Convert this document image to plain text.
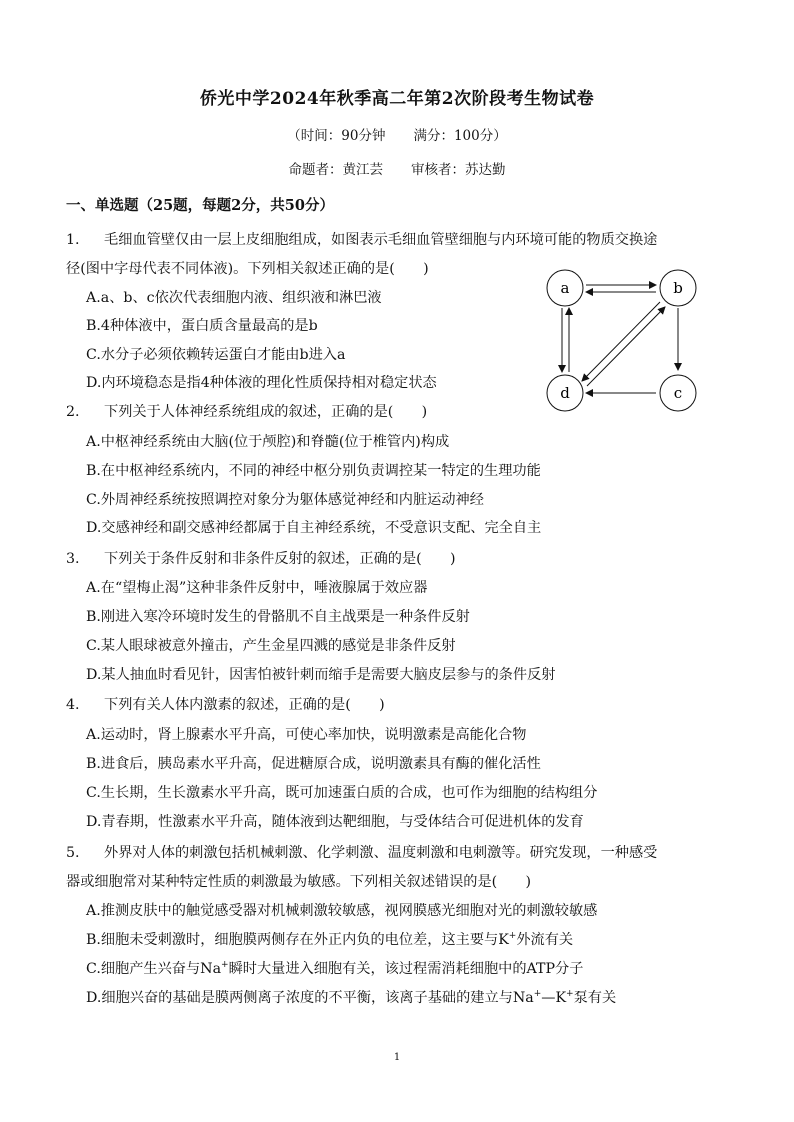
侨光中学2024年秋季高二年第2次阶段考生物试卷
（时间：90分钟 满分：100分）
命题者：黄江芸 审核者：苏达勤
一、单选题（25题，每题2分，共50分）
1. 毛细血管壁仅由一层上皮细胞组成，如图表示毛细血管壁细胞与内环境可能的物质交换途
径(图中字母代表不同体液)。下列相关叙述正确的是(　　)
A.a、b、c依次代表细胞内液、组织液和淋巴液
B.4种体液中，蛋白质含量最高的是b
C.水分子必须依赖转运蛋白才能由b进入a
D.内环境稳态是指4种体液的理化性质保持相对稳定状态
a	b
c
d
2. 下列关于人体神经系统组成的叙述，正确的是(　　)
A.中枢神经系统由大脑(位于颅腔)和脊髓(位于椎管内)构成
B.在中枢神经系统内，不同的神经中枢分别负责调控某一特定的生理功能
C.外周神经系统按照调控对象分为躯体感觉神经和内脏运动神经
D.交感神经和副交感神经都属于自主神经系统，不受意识支配、完全自主
3. 下列关于条件反射和非条件反射的叙述，正确的是(　　)
A.在“望梅止渴”这种非条件反射中，唾液腺属于效应器
B.刚进入寒冷环境时发生的骨骼肌不自主战栗是一种条件反射
C.某人眼球被意外撞击，产生金星四溅的感觉是非条件反射
D.某人抽血时看见针，因害怕被针刺而缩手是需要大脑皮层参与的条件反射
4. 下列有关人体内激素的叙述，正确的是(　　)
A.运动时，肾上腺素水平升高，可使心率加快，说明激素是高能化合物
B.进食后，胰岛素水平升高，促进糖原合成，说明激素具有酶的催化活性
C.生长期，生长激素水平升高，既可加速蛋白质的合成，也可作为细胞的结构组分
D.青春期，性激素水平升高，随体液到达靶细胞，与受体结合可促进机体的发育
5. 外界对人体的刺激包括机械刺激、化学刺激、温度刺激和电刺激等。研究发现，一种感受
器或细胞常对某种特定性质的刺激最为敏感。下列相关叙述错误的是(　　)
A.推测皮肤中的触觉感受器对机械刺激较敏感，视网膜感光细胞对光的刺激较敏感
B.细胞未受刺激时，细胞膜两侧存在外正内负的电位差，这主要与K+外流有关
C.细胞产生兴奋与Na+瞬时大量进入细胞有关，该过程需消耗细胞中的ATP分子
D.细胞兴奋的基础是膜两侧离子浓度的不平衡，该离子基础的建立与Na+—K+泵有关
1
